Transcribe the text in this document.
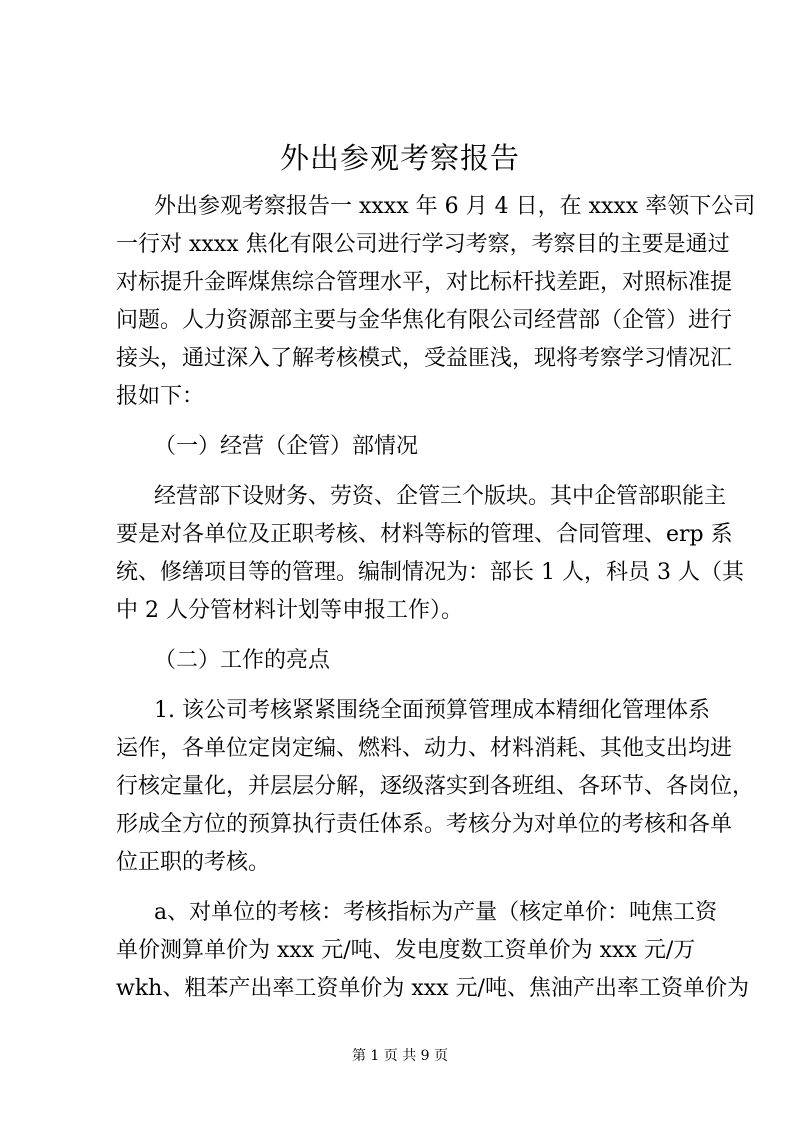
外出参观考察报告
外出参观考察报告一 xxxx 年 6 月 4 日，在 xxxx 率领下公司
一行对 xxxx 焦化有限公司进行学习考察，考察目的主要是通过
对标提升金晖煤焦综合管理水平，对比标杆找差距，对照标准提
问题。人力资源部主要与金华焦化有限公司经营部（企管）进行
接头，通过深入了解考核模式，受益匪浅，现将考察学习情况汇
报如下：
（一）经营（企管）部情况
经营部下设财务、劳资、企管三个版块。其中企管部职能主
要是对各单位及正职考核、材料等标的管理、合同管理、erp 系
统、修缮项目等的管理。编制情况为：部长 1 人，科员 3 人（其
中 2 人分管材料计划等申报工作）。
（二）工作的亮点
1. 该公司考核紧紧围绕全面预算管理成本精细化管理体系
运作，各单位定岗定编、燃料、动力、材料消耗、其他支出均进
行核定量化，并层层分解，逐级落实到各班组、各环节、各岗位，
形成全方位的预算执行责任体系。考核分为对单位的考核和各单
位正职的考核。
a、对单位的考核：考核指标为产量（核定单价：吨焦工资
单价测算单价为 xxx 元/吨、发电度数工资单价为 xxx 元/万
wkh、粗苯产出率工资单价为 xxx 元/吨、焦油产出率工资单价为
第 1 页 共 9 页
